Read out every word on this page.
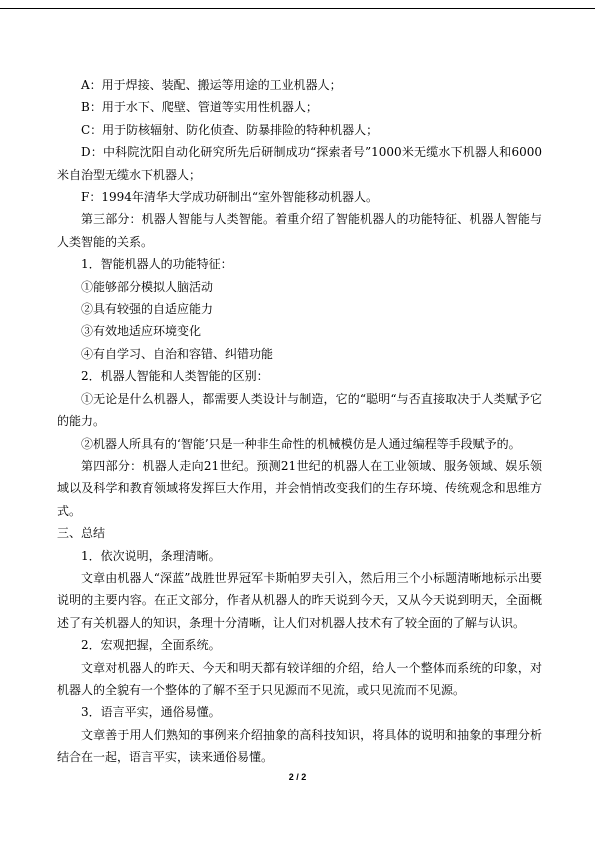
A：用于焊接、装配、搬运等用途的工业机器人；

B：用于水下、爬壁、管道等实用性机器人；

C：用于防核辐射、防化侦查、防暴排险的特种机器人；

D：中科院沈阳自动化研究所先后研制成功“探索者号”1000米无缆水下机器人和6000米自治型无缆水下机器人；

F：1994年清华大学成功研制出“室外智能移动机器人。

第三部分：机器人智能与人类智能。着重介绍了智能机器人的功能特征、机器人智能与人类智能的关系。

1．智能机器人的功能特征：

①能够部分模拟人脑活动

②具有较强的自适应能力

③有效地适应环境变化

④有自学习、自治和容错、纠错功能

2．机器人智能和人类智能的区别：

①无论是什么机器人，都需要人类设计与制造，它的“聪明“与否直接取决于人类赋予它的能力。

②机器人所具有的‘智能’只是一种非生命性的机械模仿是人通过编程等手段赋予的。

第四部分：机器人走向21世纪。预测21世纪的机器人在工业领域、服务领域、娱乐领域以及科学和教育领域将发挥巨大作用，并会悄悄改变我们的生存环境、传统观念和思维方式。

三、总结

1．依次说明，条理清晰。

文章由机器人“深蓝”战胜世界冠军卡斯帕罗夫引入，然后用三个小标题清晰地标示出要说明的主要内容。在正文部分，作者从机器人的昨天说到今天，又从今天说到明天，全面概述了有关机器人的知识，条理十分清晰，让人们对机器人技术有了较全面的了解与认识。

2．宏观把握，全面系统。

文章对机器人的昨天、今天和明天都有较详细的介绍，给人一个整体而系统的印象，对机器人的全貌有一个整体的了解不至于只见源而不见流，或只见流而不见源。

3．语言平实，通俗易懂。

文章善于用人们熟知的事例来介绍抽象的高科技知识，将具体的说明和抽象的事理分析结合在一起，语言平实，读来通俗易懂。

2 / 2
